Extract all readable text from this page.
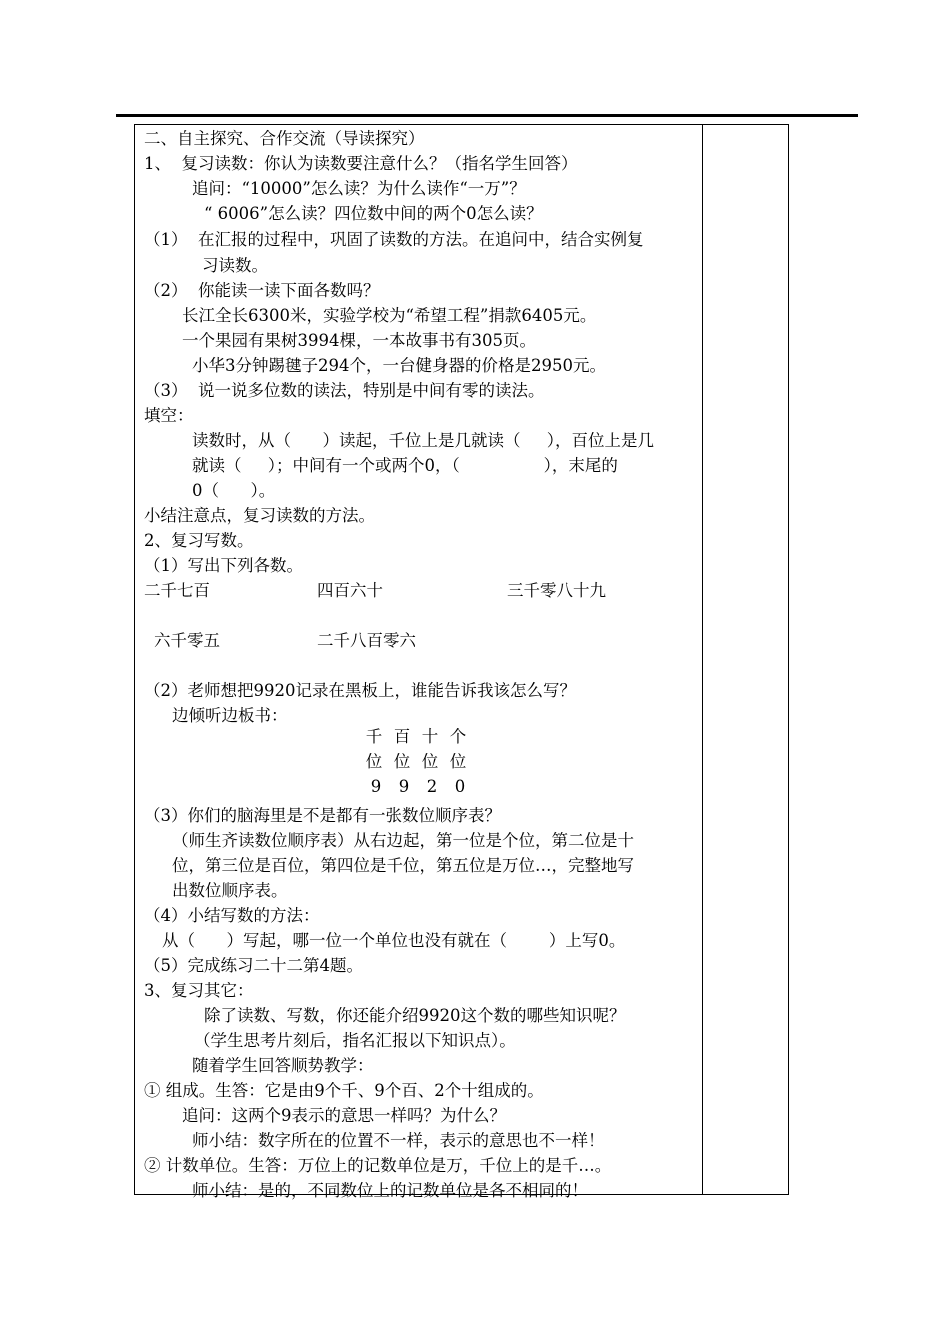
二、自主探究、合作交流（导读探究）
1、  复习读数：你认为读数要注意什么？（指名学生回答）
追问：“10000”怎么读？为什么读作“一万”？
“ 6006”怎么读？四位数中间的两个0怎么读？
（1）  在汇报的过程中，巩固了读数的方法。在追问中，结合实例复
习读数。
（2）  你能读一读下面各数吗？
长江全长6300米，实验学校为“希望工程”捐款6405元。
一个果园有果树3994棵，一本故事书有305页。
小华3分钟踢毽子294个，一台健身器的价格是2950元。
（3）  说一说多位数的读法，特别是中间有零的读法。
填空：
读数时，从（      ）读起，千位上是几就读（     ），百位上是几
就读（     ）；中间有一个或两个0，（                ），末尾的
0（      ）。
小结注意点，复习读数的方法。
2、复习写数。
（1）写出下列各数。
二千七百	四百六十	三千零八十九
六千零五	二千八百零六
（2）老师想把9920记录在黑板上，谁能告诉我该怎么写？
边倾听边板书：
（3）你们的脑海里是不是都有一张数位顺序表？
（师生齐读数位顺序表）从右边起，第一位是个位，第二位是十
位，第三位是百位，第四位是千位，第五位是万位…，完整地写
出数位顺序表。
（4）小结写数的方法：
从（      ）写起，哪一位一个单位也没有就在（        ）上写0。
（5）完成练习二十二第4题。
3、复习其它：
除了读数、写数，你还能介绍9920这个数的哪些知识呢？
（学生思考片刻后，指名汇报以下知识点）。
随着学生回答顺势教学：
① 组成。生答：它是由9个千、9个百、2个十组成的。
追问：这两个9表示的意思一样吗？为什么？
师小结：数字所在的位置不一样，表示的意思也不一样！
② 计数单位。生答：万位上的记数单位是万，千位上的是千…。
师小结：是的，不同数位上的记数单位是各不相同的！
千 百 十 个
位 位 位 位
9 9 2 0
